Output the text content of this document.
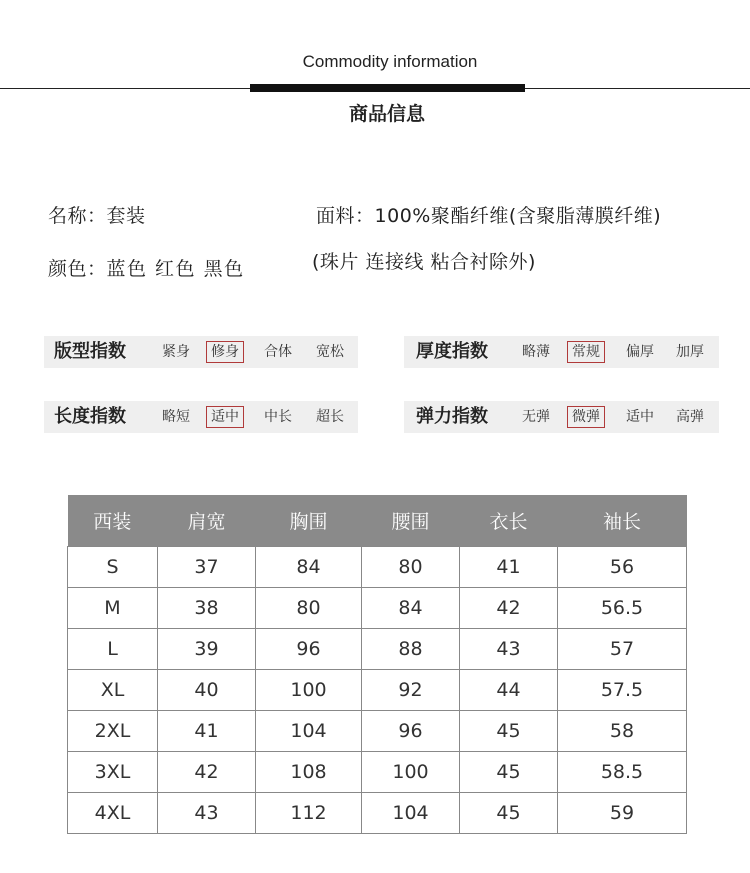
Commodity information
商品信息
名称：套装
颜色：蓝色 红色 黑色
面料：100%聚酯纤维(含聚脂薄膜纤维)
(珠片 连接线 粘合衬除外)
版型指数	紧身	修身	合体 宽松	厚度指数 略薄	常规	偏厚 加厚
长度指数	略短	适中	中长 超长	弹力指数 无弹	微弹	适中 高弹
西装	肩宽	胸围	腰围	衣长	袖长
S	37	84	80	41	56
M	38	80	84	42	56.5
L	39	96	88	43	57
XL	40	100	92	44	57.5
2XL	41	104	96	45	58
3XL	42	108	100	45	58.5
4XL	43	112	104	45	59
